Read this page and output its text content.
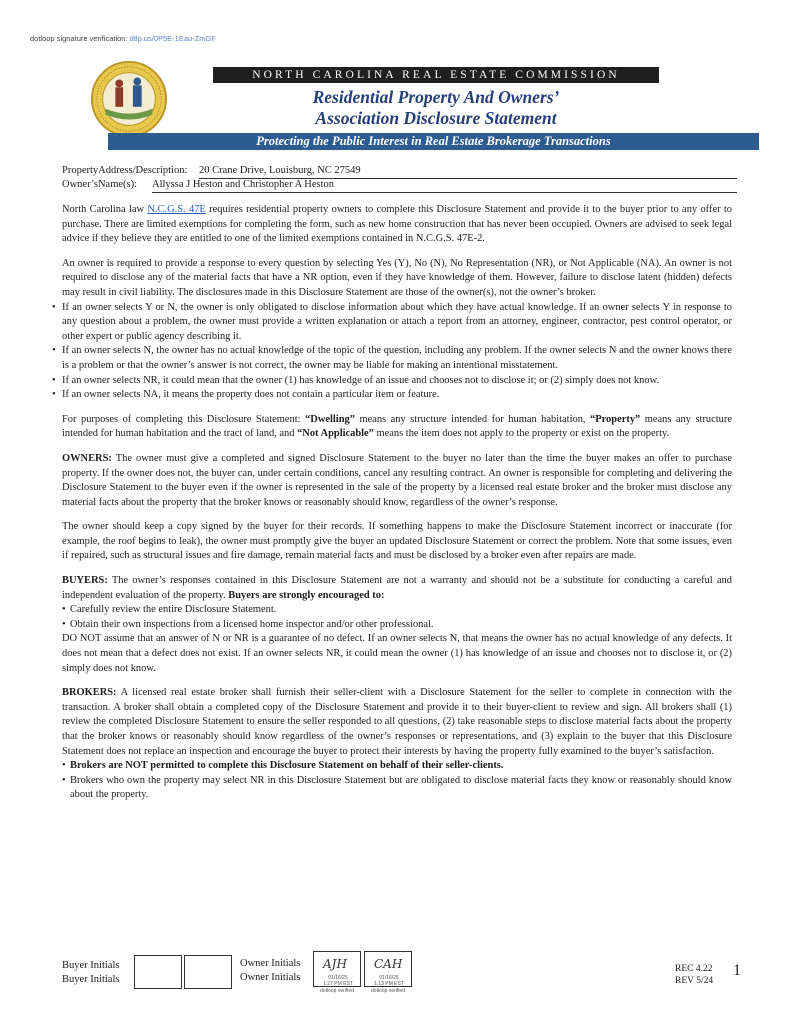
dotloop signature verification: dtlp.us/0P5E-1Eau-ZmGF
NORTH CAROLINA REAL ESTATE COMMISSION
Residential Property And Owners’
Association Disclosure Statement
Protecting the Public Interest in Real Estate Brokerage Transactions
PropertyAddress/Description: 20 Crane Drive, Louisburg, NC 27549
Owner’sName(s): Allyssa J Heston and Christopher A Heston

North Carolina law N.C.G.S. 47E requires residential property owners to complete this Disclosure Statement and provide it to the buyer prior to any offer to purchase. There are limited exemptions for completing the form, such as new home construction that has never been occupied. Owners are advised to seek legal advice if they believe they are entitled to one of the limited exemptions contained in N.C.G.S. 47E-2.

An owner is required to provide a response to every question by selecting Yes (Y), No (N), No Representation (NR), or Not Applicable (NA). An owner is not required to disclose any of the material facts that have a NR option, even if they have knowledge of them. However, failure to disclose latent (hidden) defects may result in civil liability. The disclosures made in this Disclosure Statement are those of the owner(s), not the owner’s broker.

• If an owner selects Y or N, the owner is only obligated to disclose information about which they have actual knowledge. If an owner selects Y in response to any question about a problem, the owner must provide a written explanation or attach a report from an attorney, engineer, contractor, pest control operator, or other expert or public agency describing it.
• If an owner selects N, the owner has no actual knowledge of the topic of the question, including any problem. If the owner selects N and the owner knows there is a problem or that the owner’s answer is not correct, the owner may be liable for making an intentional misstatement.
• If an owner selects NR, it could mean that the owner (1) has knowledge of an issue and chooses not to disclose it; or (2) simply does not know.
• If an owner selects NA, it means the property does not contain a particular item or feature.

For purposes of completing this Disclosure Statement: “Dwelling” means any structure intended for human habitation, “Property” means any structure intended for human habitation and the tract of land, and “Not Applicable” means the item does not apply to the property or exist on the property.

OWNERS: The owner must give a completed and signed Disclosure Statement to the buyer no later than the time the buyer makes an offer to purchase property. If the owner does not, the buyer can, under certain conditions, cancel any resulting contract. An owner is responsible for completing and delivering the Disclosure Statement to the buyer even if the owner is represented in the sale of the property by a licensed real estate broker and the broker must disclose any material facts about the property that the broker knows or reasonably should know, regardless of the owner’s response.

The owner should keep a copy signed by the buyer for their records. If something happens to make the Disclosure Statement incorrect or inaccurate (for example, the roof begins to leak), the owner must promptly give the buyer an updated Disclosure Statement or correct the problem. Note that some issues, even if repaired, such as structural issues and fire damage, remain material facts and must be disclosed by a broker even after repairs are made.

BUYERS: The owner’s responses contained in this Disclosure Statement are not a warranty and should not be a substitute for conducting a careful and independent evaluation of the property. Buyers are strongly encouraged to:

• Carefully review the entire Disclosure Statement.
• Obtain their own inspections from a licensed home inspector and/or other professional.

DO NOT assume that an answer of N or NR is a guarantee of no defect. If an owner selects N, that means the owner has no actual knowledge of any defects. It does not mean that a defect does not exist. If an owner selects NR, it could mean the owner (1) has knowledge of an issue and chooses not to disclose it, or (2) simply does not know.

BROKERS: A licensed real estate broker shall furnish their seller-client with a Disclosure Statement for the seller to complete in connection with the transaction. A broker shall obtain a completed copy of the Disclosure Statement and provide it to their buyer-client to review and sign. All brokers shall (1) review the completed Disclosure Statement to ensure the seller responded to all questions, (2) take reasonable steps to disclose material facts about the property that the broker knows or reasonably should know regardless of the owner’s responses or representations, and (3) explain to the buyer that this Disclosure Statement does not replace an inspection and encourage the buyer to protect their interests by having the property fully examined to the buyer’s satisfaction.

• Brokers are NOT permitted to complete this Disclosure Statement on behalf of their seller-clients.
• Brokers who own the property may select NR in this Disclosure Statement but are obligated to disclose material facts they know or reasonably should know about the property.
Buyer Initials
Buyer Initials
Owner Initials
Owner Initials
AJH
01/16/25
1:27 PM EST
dotloop verified
CAH
01/16/25
1:13 PM EST
dotloop verified
REC 4.22
REV 5/24
1
